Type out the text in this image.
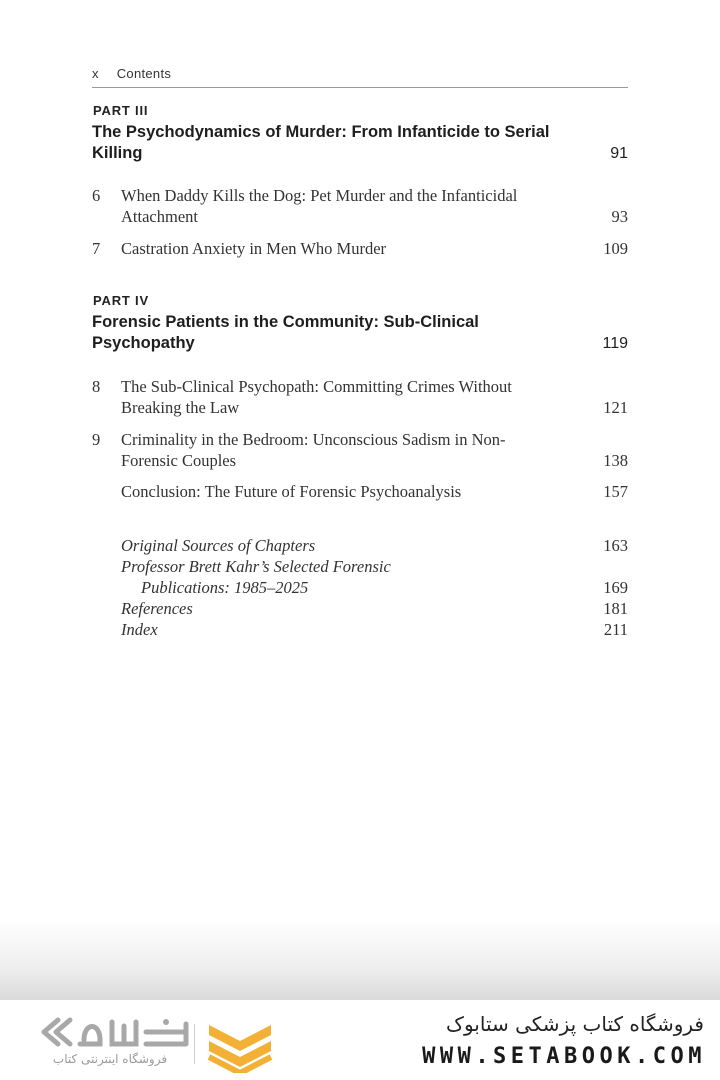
x Contents
PART III
The Psychodynamics of Murder: From Infanticide to Serial Killing	91
6 When Daddy Kills the Dog: Pet Murder and the Infanticidal Attachment	93
7 Castration Anxiety in Men Who Murder	109
PART IV
Forensic Patients in the Community: Sub-Clinical Psychopathy	119
8 The Sub-Clinical Psychopath: Committing Crimes Without Breaking the Law	121
9 Criminality in the Bedroom: Unconscious Sadism in Non-Forensic Couples	138
Conclusion: The Future of Forensic Psychoanalysis	157
Original Sources of Chapters	163
Professor Brett Kahr’s Selected Forensic
Publications: 1985–2025	169
References	181
Index	211
فروشگاه اینترنتی کتاب
فروشگاه کتاب پزشکی ستابوک
WWW.SETABOOK.COM
